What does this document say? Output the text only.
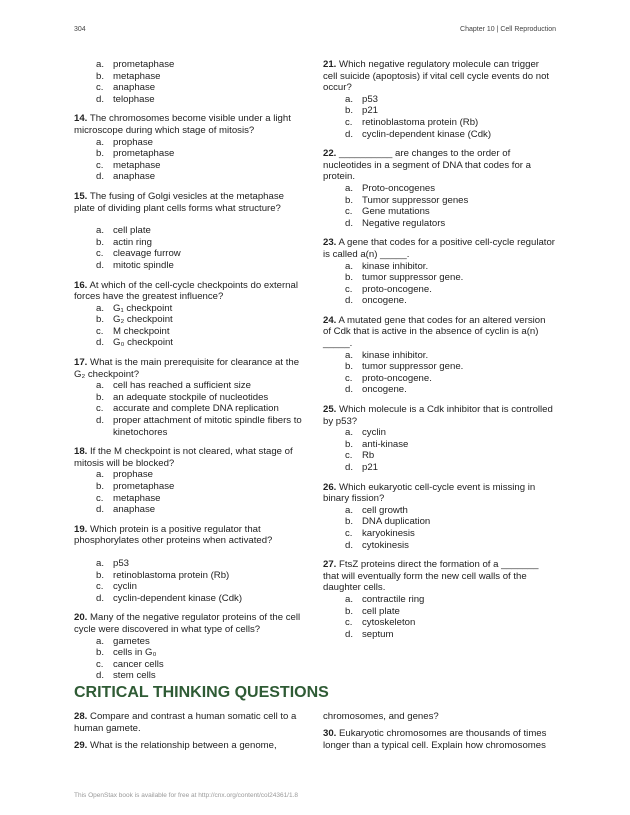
304	Chapter 10 | Cell Reproduction
a. prometaphase
b. metaphase
c. anaphase
d. telophase
14. The chromosomes become visible under a light microscope during which stage of mitosis?
a. prophase
b. prometaphase
c. metaphase
d. anaphase
15. The fusing of Golgi vesicles at the metaphase plate of dividing plant cells forms what structure?
a. cell plate
b. actin ring
c. cleavage furrow
d. mitotic spindle
16. At which of the cell-cycle checkpoints do external forces have the greatest influence?
a. G₁ checkpoint
b. G₂ checkpoint
c. M checkpoint
d. G₀ checkpoint
17. What is the main prerequisite for clearance at the G₂ checkpoint?
a. cell has reached a sufficient size
b. an adequate stockpile of nucleotides
c. accurate and complete DNA replication
d. proper attachment of mitotic spindle fibers to kinetochores
18. If the M checkpoint is not cleared, what stage of mitosis will be blocked?
a. prophase
b. prometaphase
c. metaphase
d. anaphase
19. Which protein is a positive regulator that phosphorylates other proteins when activated?
a. p53
b. retinoblastoma protein (Rb)
c. cyclin
d. cyclin-dependent kinase (Cdk)
20. Many of the negative regulator proteins of the cell cycle were discovered in what type of cells?
a. gametes
b. cells in G₀
c. cancer cells
d. stem cells
21. Which negative regulatory molecule can trigger cell suicide (apoptosis) if vital cell cycle events do not occur?
a. p53
b. p21
c. retinoblastoma protein (Rb)
d. cyclin-dependent kinase (Cdk)
22. __________ are changes to the order of nucleotides in a segment of DNA that codes for a protein.
a. Proto-oncogenes
b. Tumor suppressor genes
c. Gene mutations
d. Negative regulators
23. A gene that codes for a positive cell-cycle regulator is called a(n) _____.
a. kinase inhibitor.
b. tumor suppressor gene.
c. proto-oncogene.
d. oncogene.
24. A mutated gene that codes for an altered version of Cdk that is active in the absence of cyclin is a(n) _____.
a. kinase inhibitor.
b. tumor suppressor gene.
c. proto-oncogene.
d. oncogene.
25. Which molecule is a Cdk inhibitor that is controlled by p53?
a. cyclin
b. anti-kinase
c. Rb
d. p21
26. Which eukaryotic cell-cycle event is missing in binary fission?
a. cell growth
b. DNA duplication
c. karyokinesis
d. cytokinesis
27. FtsZ proteins direct the formation of a _______ that will eventually form the new cell walls of the daughter cells.
a. contractile ring
b. cell plate
c. cytoskeleton
d. septum
CRITICAL THINKING QUESTIONS
28. Compare and contrast a human somatic cell to a human gamete.
29. What is the relationship between a genome,
chromosomes, and genes?
30. Eukaryotic chromosomes are thousands of times longer than a typical cell. Explain how chromosomes
This OpenStax book is available for free at http://cnx.org/content/col24361/1.8
